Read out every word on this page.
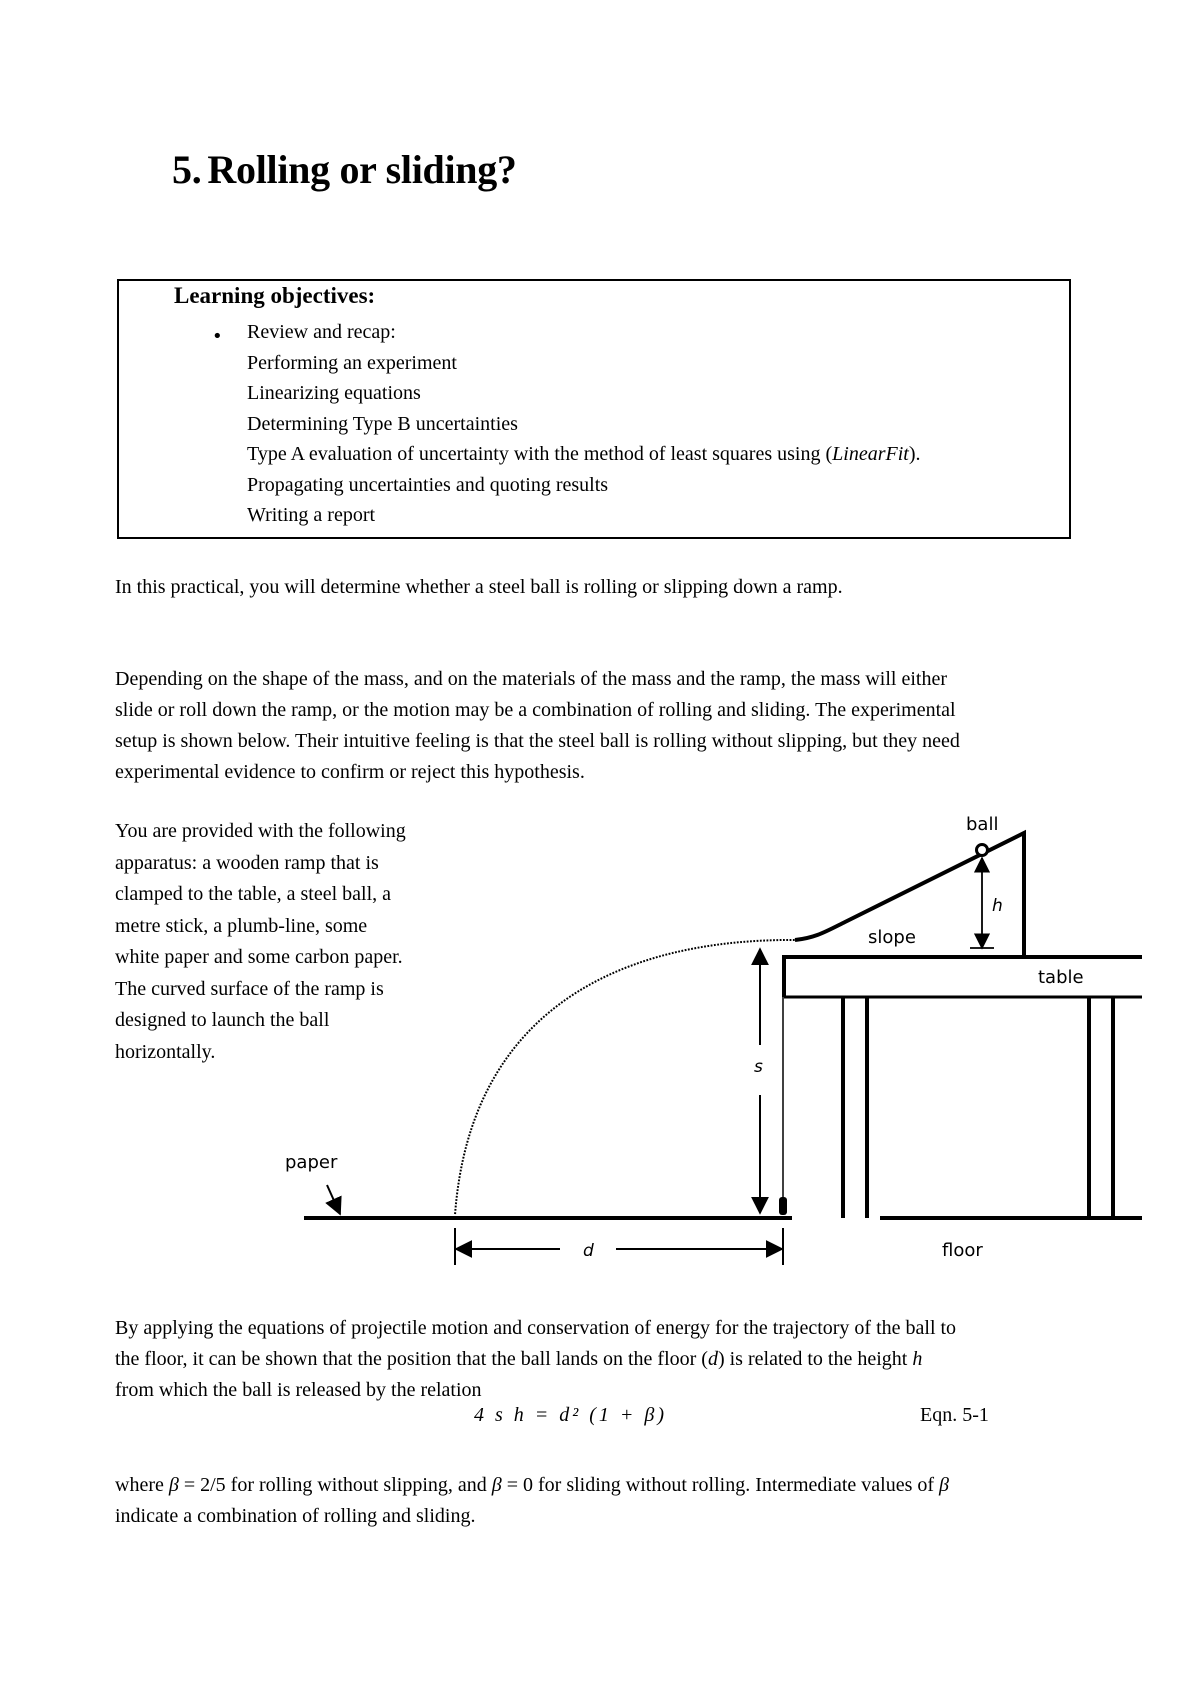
5. Rolling or sliding?
Learning objectives:
• Review and recap:
Performing an experiment
Linearizing equations
Determining Type B uncertainties
Type A evaluation of uncertainty with the method of least squares using (LinearFit).
Propagating uncertainties and quoting results
Writing a report

In this practical, you will determine whether a steel ball is rolling or slipping down a ramp.

Depending on the shape of the mass, and on the materials of the mass and the ramp, the mass will either

slide or roll down the ramp, or the motion may be a combination of rolling and sliding. The experimental

setup is shown below. Their intuitive feeling is that the steel ball is rolling without slipping, but they need

experimental evidence to confirm or reject this hypothesis.

You are provided with the following
apparatus: a wooden ramp that is
clamped to the table, a steel ball, a
metre stick, a plumb-line, some
white paper and some carbon paper.
The curved surface of the ramp is
designed to launch the ball
horizontally.

ball
h
slope
table
s
paper
d	floor

By applying the equations of projectile motion and conservation of energy for the trajectory of the ball to

the floor, it can be shown that the position that the ball lands on the floor (d) is related to the height h

from which the ball is released by the relation

4 s h = d² (1 + β)	Eqn. 5-1

where β = 2/5 for rolling without slipping, and β = 0 for sliding without rolling. Intermediate values of β

indicate a combination of rolling and sliding.
